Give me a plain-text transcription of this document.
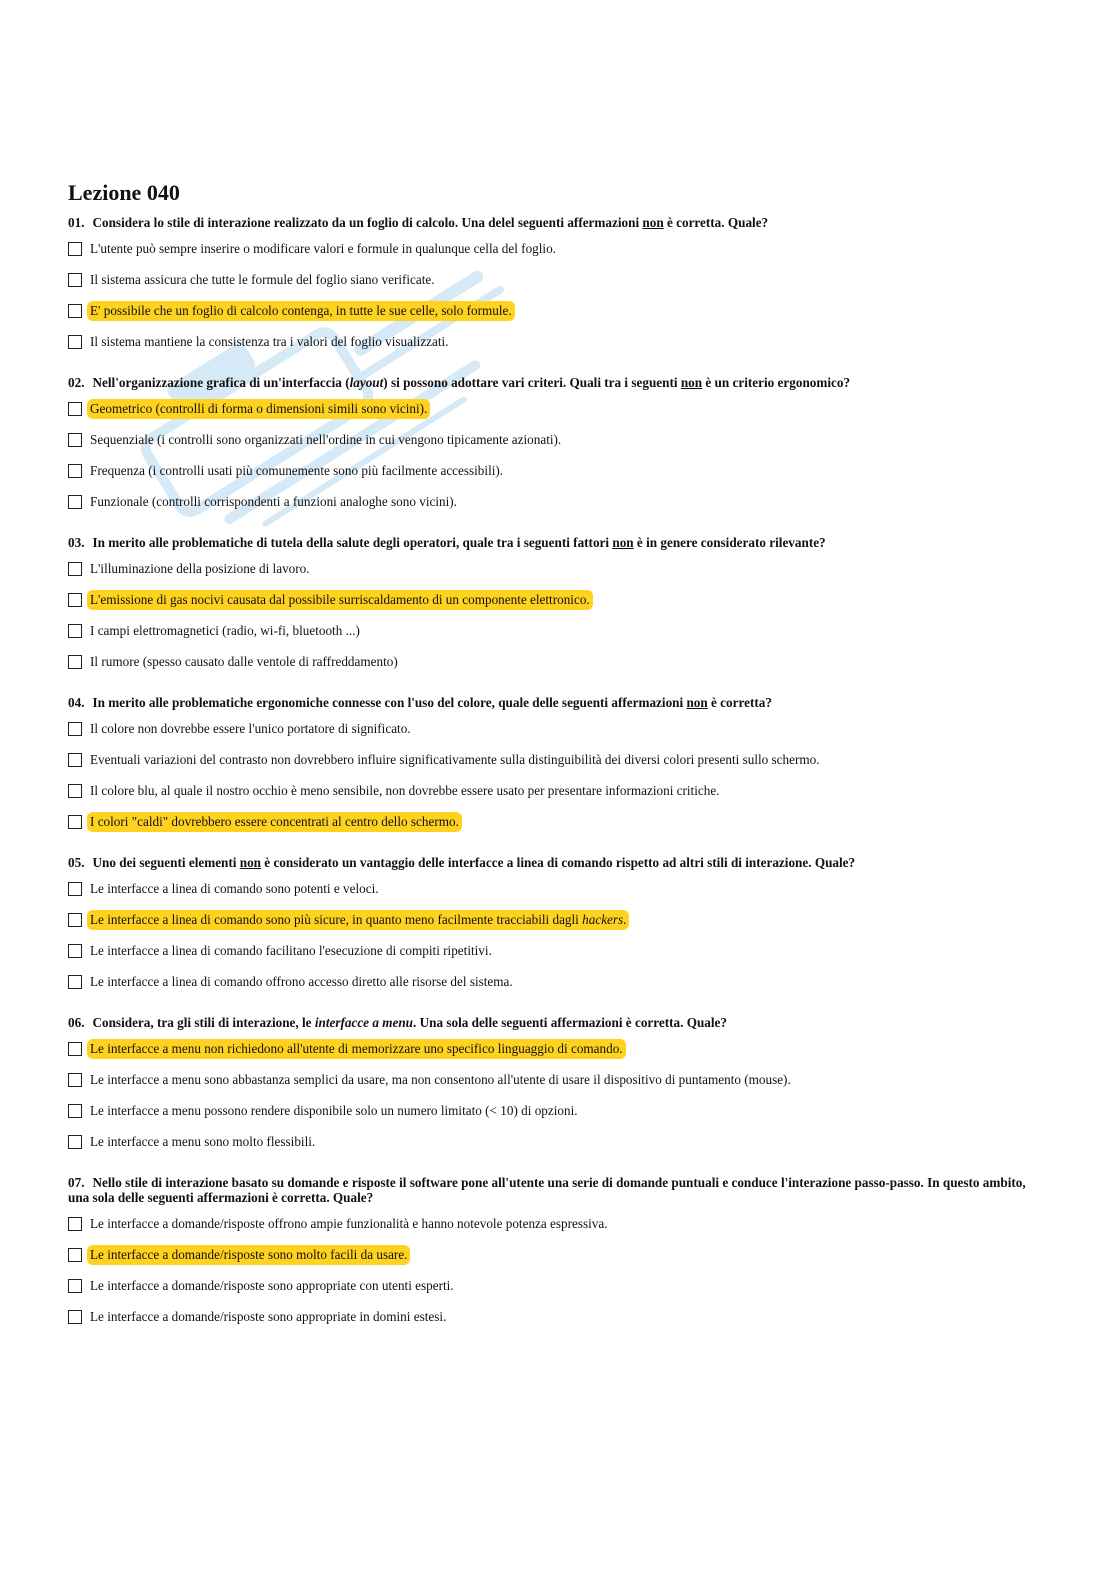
Lezione 040
01. Considera lo stile di interazione realizzato da un foglio di calcolo. Una delel seguenti affermazioni non è corretta. Quale?
L'utente può sempre inserire o modificare valori e formule in qualunque cella del foglio.
Il sistema assicura che tutte le formule del foglio siano verificate.
E' possibile che un foglio di calcolo contenga, in tutte le sue celle, solo formule.
Il sistema mantiene la consistenza tra i valori del foglio visualizzati.
02. Nell'organizzazione grafica di un'interfaccia (layout) si possono adottare vari criteri. Quali tra i seguenti non è un criterio ergonomico?
Geometrico (controlli di forma o dimensioni simili sono vicini).
Sequenziale (i controlli sono organizzati nell'ordine in cui vengono tipicamente azionati).
Frequenza (i controlli usati più comunemente sono più facilmente accessibili).
Funzionale (controlli corrispondenti a funzioni analoghe sono vicini).
03. In merito alle problematiche di tutela della salute degli operatori, quale tra i seguenti fattori non è in genere considerato rilevante?
L'illuminazione della posizione di lavoro.
L'emissione di gas nocivi causata dal possibile surriscaldamento di un componente elettronico.
I campi elettromagnetici (radio, wi-fi, bluetooth ...)
Il rumore (spesso causato dalle ventole di raffreddamento)
04. In merito alle problematiche ergonomiche connesse con l'uso del colore, quale delle seguenti affermazioni non è corretta?
Il colore non dovrebbe essere l'unico portatore di significato.
Eventuali variazioni del contrasto non dovrebbero influire significativamente sulla distinguibilità dei diversi colori presenti sullo schermo.
Il colore blu, al quale il nostro occhio è meno sensibile, non dovrebbe essere usato per presentare informazioni critiche.
I colori "caldi" dovrebbero essere concentrati al centro dello schermo.
05. Uno dei seguenti elementi non è considerato un vantaggio delle interfacce a linea di comando rispetto ad altri stili di interazione. Quale?
Le interfacce a linea di comando sono potenti e veloci.
Le interfacce a linea di comando sono più sicure, in quanto meno facilmente tracciabili dagli hackers.
Le interfacce a linea di comando facilitano l'esecuzione di compiti ripetitivi.
Le interfacce a linea di comando offrono accesso diretto alle risorse del sistema.
06. Considera, tra gli stili di interazione, le interfacce a menu. Una sola delle seguenti affermazioni è corretta. Quale?
Le interfacce a menu non richiedono all'utente di memorizzare uno specifico linguaggio di comando.
Le interfacce a menu sono abbastanza semplici da usare, ma non consentono all'utente di usare il dispositivo di puntamento (mouse).
Le interfacce a menu possono rendere disponibile solo un numero limitato (< 10) di opzioni.
Le interfacce a menu sono molto flessibili.
07. Nello stile di interazione basato su domande e risposte il software pone all'utente una serie di domande puntuali e conduce l'interazione passo-passo. In questo ambito, una sola delle seguenti affermazioni è corretta. Quale?
Le interfacce a domande/risposte offrono ampie funzionalità e hanno notevole potenza espressiva.
Le interfacce a domande/risposte sono molto facili da usare.
Le interfacce a domande/risposte sono appropriate con utenti esperti.
Le interfacce a domande/risposte sono appropriate in domini estesi.
